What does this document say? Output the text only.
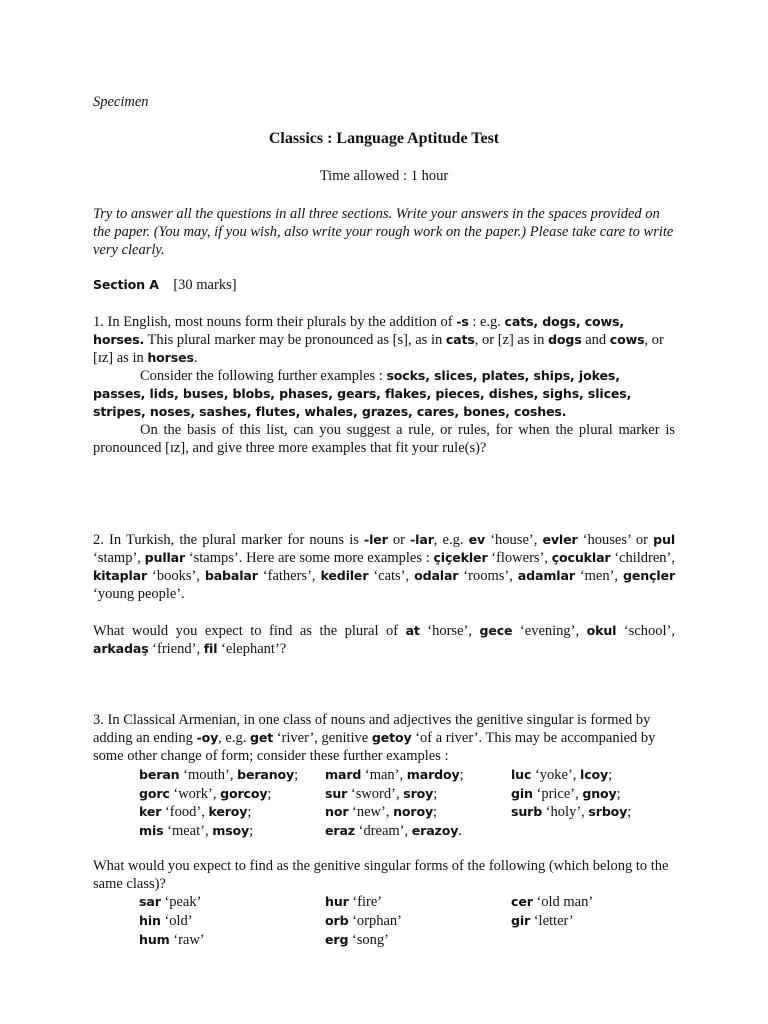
Specimen
Classics : Language Aptitude Test
Time allowed : 1 hour
Try to answer all the questions in all three sections. Write your answers in the spaces provided on the paper. (You may, if you wish, also write your rough work on the paper.) Please take care to write very clearly.
Section A [30 marks]
1. In English, most nouns form their plurals by the addition of -s : e.g. cats, dogs, cows, horses. This plural marker may be pronounced as [s], as in cats, or [z] as in dogs and cows, or [ɪz] as in horses.
Consider the following further examples : socks, slices, plates, ships, jokes, passes, lids, buses, blobs, phases, gears, flakes, pieces, dishes, sighs, slices, stripes, noses, sashes, flutes, whales, grazes, cares, bones, coshes.
On the basis of this list, can you suggest a rule, or rules, for when the plural marker is pronounced [ɪz], and give three more examples that fit your rule(s)?
2. In Turkish, the plural marker for nouns is -ler or -lar, e.g. ev ‘house’, evler ‘houses’ or pul ‘stamp’, pullar ‘stamps’. Here are some more examples : çiçekler ‘flowers’, çocuklar ‘children’, kitaplar ‘books’, babalar ‘fathers’, kediler ‘cats’, odalar ‘rooms’, adamlar ‘men’, gençler ‘young people’.
What would you expect to find as the plural of at ‘horse’, gece ‘evening’, okul ‘school’, arkadaş ‘friend’, fil ‘elephant’?
3. In Classical Armenian, in one class of nouns and adjectives the genitive singular is formed by adding an ending -oy, e.g. get ‘river’, genitive getoy ‘of a river’. This may be accompanied by some other change of form; consider these further examples :
beran ‘mouth’, beranoy; mard ‘man’, mardoy;	luc ‘yoke’, lcoy;
gorc ‘work’, gorcoy;	sur ‘sword’, sroy;	gin ‘price’, gnoy;
ker ‘food’, keroy;	nor ‘new’, noroy;	surb ‘holy’, srboy;
mis ‘meat’, msoy;	eraz ‘dream’, erazoy.
What would you expect to find as the genitive singular forms of the following (which belong to the same class)?
sar ‘peak’	hur ‘fire’	cer ‘old man’
hin ‘old’	orb ‘orphan’	gir ‘letter’
hum ‘raw’	erg ‘song’
